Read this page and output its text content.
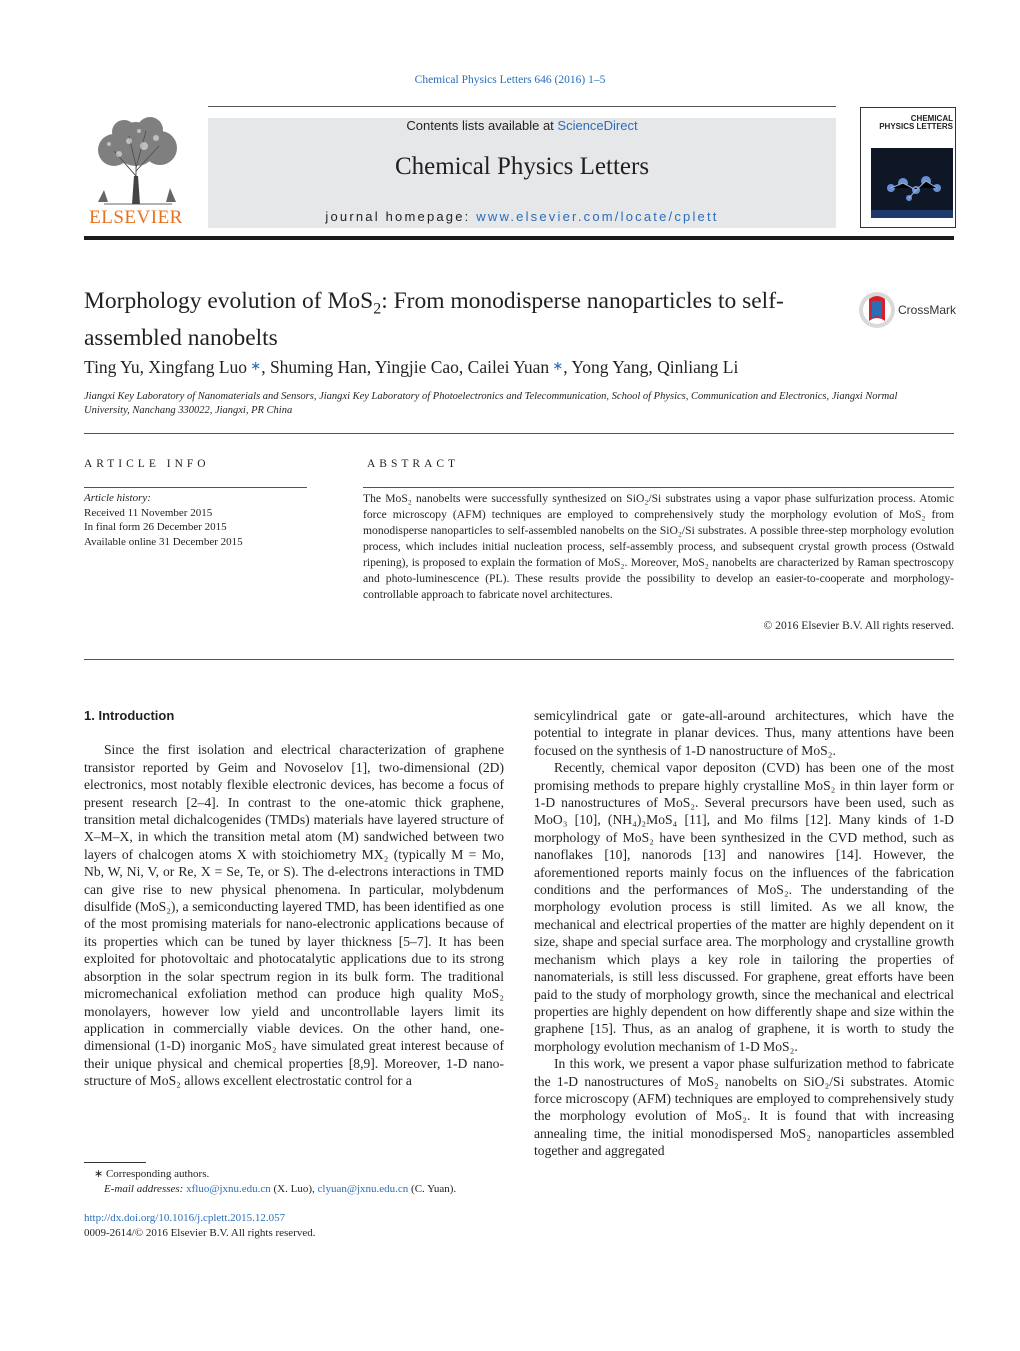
Chemical Physics Letters 646 (2016) 1–5
ELSEVIER
Contents lists available at ScienceDirect
Chemical Physics Letters
journal homepage: www.elsevier.com/locate/cplett
CHEMICAL PHYSICS LETTERS
Morphology evolution of MoS$_2$: From monodisperse nanoparticles to self-assembled nanobelts
CrossMark
Ting Yu, Xingfang Luo ∗, Shuming Han, Yingjie Cao, Cailei Yuan ∗, Yong Yang, Qinliang Li
Jiangxi Key Laboratory of Nanomaterials and Sensors, Jiangxi Key Laboratory of Photoelectronics and Telecommunication, School of Physics, Communication and Electronics, Jiangxi Normal University, Nanchang 330022, Jiangxi, PR China
ARTICLE INFO	ABSTRACT
Article history:
Received 11 November 2015
In final form 26 December 2015
Available online 31 December 2015
The MoS₂ nanobelts were successfully synthesized on SiO₂/Si substrates using a vapor phase sulfurization process. Atomic force microscopy (AFM) techniques are employed to comprehensively study the morphology evolution of MoS₂ from monodisperse nanoparticles to self-assembled nanobelts on the SiO₂/Si substrates. A possible three-step morphology evolution process, which includes initial nucleation process, self-assembly process, and subsequent crystal growth process (Ostwald ripening), is proposed to explain the formation of MoS₂. Moreover, MoS₂ nanobelts are characterized by Raman spectroscopy and photo-luminescence (PL). These results provide the possibility to develop an easier-to-cooperate and morphology-controllable approach to fabricate novel architectures.
© 2016 Elsevier B.V. All rights reserved.

1. Introduction

Since the first isolation and electrical characterization of graphene transistor reported by Geim and Novoselov [1], two-dimensional (2D) electronics, most notably flexible electronic devices, has become a focus of present research [2–4]. In contrast to the one-atomic thick graphene, transition metal dichalcogenides (TMDs) materials have layered structure of X–M–X, in which the transition metal atom (M) sandwiched between two layers of chalcogen atoms X with stoichiometry MX₂ (typically M = Mo, Nb, W, Ni, V, or Re, X = Se, Te, or S). The d-electrons interactions in TMD can give rise to new physical phenomena. In particular, molybdenum disulfide (MoS₂), a semiconducting layered TMD, has been identified as one of the most promising materials for nano-electronic applications because of its properties which can be tuned by layer thickness [5–7]. It has been exploited for photovoltaic and photocatalytic applications due to its strong absorption in the solar spectrum region in its bulk form. The traditional micromechanical exfoliation method can produce high quality MoS₂ monolayers, however low yield and uncontrollable layers limit its application in commercially viable devices. On the other hand, one-dimensional (1-D) inorganic MoS₂ have simulated great interest because of their unique physical and chemical properties [8,9]. Moreover, 1-D nano-structure of MoS₂ allows excellent electrostatic control for a

semicylindrical gate or gate-all-around architectures, which have the potential to integrate in planar devices. Thus, many attentions have been focused on the synthesis of 1-D nanostructure of MoS₂.

Recently, chemical vapor depositon (CVD) has been one of the most promising methods to prepare highly crystalline MoS₂ in thin layer form or 1-D nanostructures of MoS₂. Several precursors have been used, such as MoO₃ [10], (NH₄)₂MoS₄ [11], and Mo films [12]. Many kinds of 1-D morphology of MoS₂ have been synthesized in the CVD method, such as nanoflakes [10], nanorods [13] and nanowires [14]. However, the aforementioned reports mainly focus on the influences of the fabrication conditions and the performances of MoS₂. The understanding of the morphology evolution process is still limited. As we all know, the mechanical and electrical properties of the matter are highly dependent on it size, shape and special surface area. The morphology and crystalline growth mechanism which plays a key role in tailoring the properties of nanomaterials, is still less discussed. For graphene, great efforts have been paid to the study of morphology growth, since the mechanical and electrical properties are highly dependent on how differently shape and size within the graphene [15]. Thus, as an analog of graphene, it is worth to study the morphology evolution mechanism of 1-D MoS₂.

In this work, we present a vapor phase sulfurization method to fabricate the 1-D nanostructures of MoS₂ nanobelts on SiO₂/Si substrates. Atomic force microscopy (AFM) techniques are employed to comprehensively study the morphology evolution of MoS₂. It is found that with increasing annealing time, the initial monodispersed MoS₂ nanoparticles assembled together and aggregated

∗ Corresponding authors.
E-mail addresses: xfluo@jxnu.edu.cn (X. Luo), clyuan@jxnu.edu.cn (C. Yuan).
http://dx.doi.org/10.1016/j.cplett.2015.12.057
0009-2614/© 2016 Elsevier B.V. All rights reserved.
